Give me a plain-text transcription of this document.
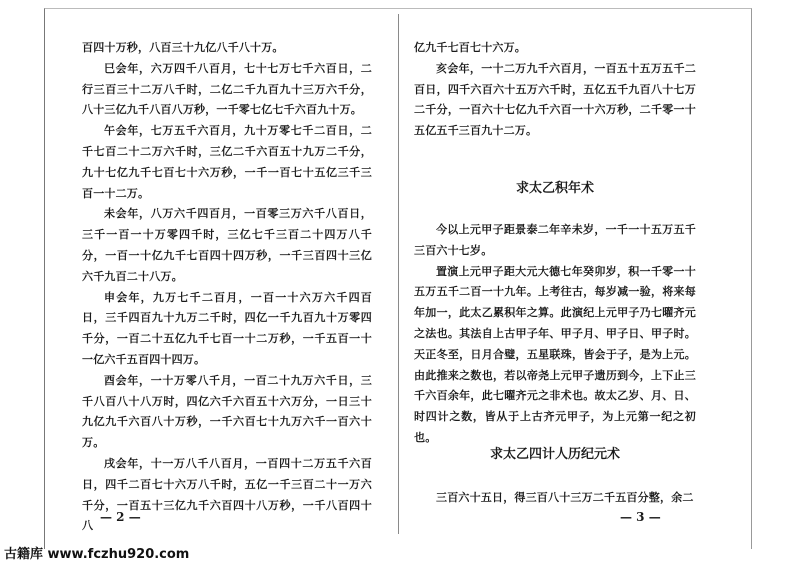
百四十万秒，八百三十九亿八千八十万。

巳会年，六万四千八百月，七十七万七千六百日，二行三百三十二万八千时，二亿二千九百九十三万六千分，八十三亿九千八百八万秒，一千零七亿七千六百九十万。

午会年，七万五千六百月，九十万零七千二百日，二千七百二十二万六千时，三亿二千六百五十九万二千分，九十七亿九千七百七十六万秒，一千一百七十五亿三千三百一十二万。

未会年，八万六千四百月，一百零三万六千八百日，三千一百一十万零四千时，三亿七千三百二十四万八千分，一百一十亿九千七百四十四万秒，一千三百四十三亿六千九百二十八万。

申会年，九万七千二百月，一百一十六万六千四百日，三千四百九十九万二千时，四亿一千九百九十万零四千分，一百二十五亿九千七百一十二万秒，一千五百一十一亿六千五百四十四万。

酉会年，一十万零八千月，一百二十九万六千日，三千八百八十八万时，四亿六千六百五十六万分，一日三十九亿九千六百八十万秒，一千六百七十九万六千一百六十万。

戌会年，十一万八千八百月，一百四十二万五千六百日，四千二百七十六万八千时，五亿一千三百二十一万六千分，一百五十三亿九千六百四十八万秒，一千八百四十八

— 2 —

亿九千七百七十六万。

亥会年，一十二万九千六百月，一百五十五万五千二百日，四千六百六十五万六千时，五亿五千九百八十七万二千分，一百六十七亿九千六百一十六万秒，二千零一十五亿五千三百九十二万。

求太乙积年术

今以上元甲子距景泰二年辛未岁，一千一十五万五千三百六十七岁。

置演上元甲子距大元大德七年癸卯岁，积一千零一十五万五千二百一十九年。上考往古，每岁减一验，将来每年加一，此太乙累积年之算。此演纪上元甲子乃七曜齐元之法也。其法自上古甲子年、甲子月、甲子日、甲子时。天正冬至，日月合璧，五星联珠，皆会于子，是为上元。由此推来之数也，若以帝尧上元甲子遗历到今，上下止三千六百余年，此七曜齐元之非术也。故太乙岁、月、日、时四计之数，皆从于上古齐元甲子，为上元第一纪之初也。

求太乙四计人历纪元术

三百六十五日，得三百八十三万二千五百分整，余二

— 3 —
古籍库 www.fczhu920.com
